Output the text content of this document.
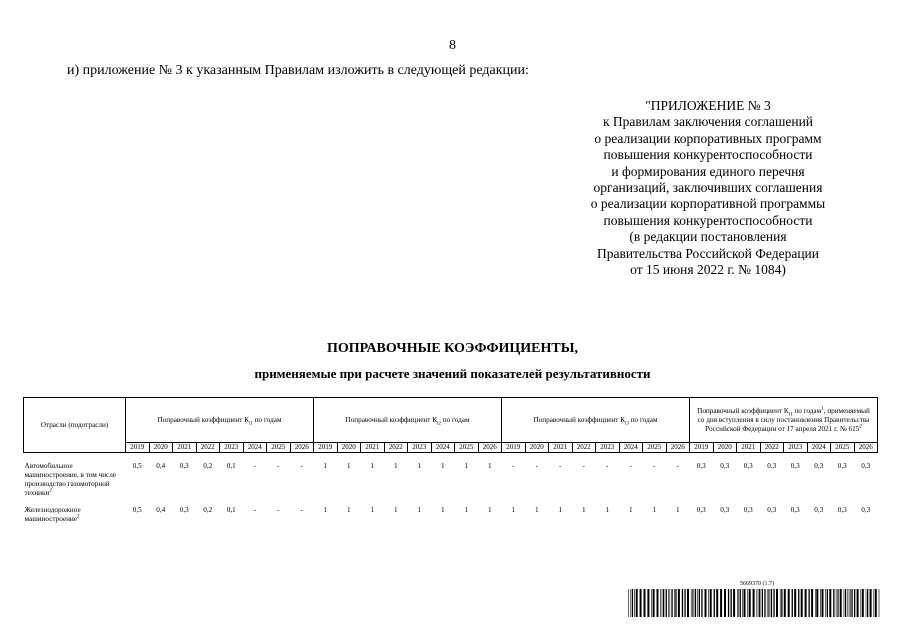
8
и) приложение № 3 к указанным Правилам изложить в следующей редакции:
"ПРИЛОЖЕНИЕ № 3
к Правилам заключения соглашений
о реализации корпоративных программ
повышения конкурентоспособности
и формирования единого перечня
организаций, заключивших соглашения
о реализации корпоративной программы
повышения конкурентоспособности
(в редакции постановления
Правительства Российской Федерации
от 15 июня 2022 г. № 1084)
ПОПРАВОЧНЫЕ КОЭФФИЦИЕНТЫ,
применяемые при расчете значений показателей результативности
Отрасли (подотрасли)	Поправочный коэффициент $К_{i1}$ по годам								Поправочный коэффициент $К_{i2}$ по годам								Поправочный коэффициент $К_{i3}$ по годам								Поправочный коэффициент $К_{i1}$ по годам$^1$, применяемый со дня вступления в силу постановления Правительства Российской Федерации от 17 апреля 2021 г. № $615^2$
	2019	2020	2021	2022	2023	2024	2025	2026	2019	2020	2021	2022	2023	2024	2025	2026	2019	2020	2021	2022	2023	2024	2025	2026	2019	2020	2021	2022	2023	2024	2025	2026
Автомобильное машиностроение, в том числе производство газомоторной техники$^2$	0,5	0,4	0,3	0,2	0,1	-	-	-	1	1	1	1	1	1	1	1	-	-	-	-	-	-	-	-	0,3	0,3	0,3	0,3	0,3	0,3	0,3	0,3
Железнодорожное машиностроение$^2$	0,5	0,4	0,3	0,2	0,1	-	-	-	1	1	1	1	1	1	1	1	1	1	1	1	1	1	1	1	0,3	0,3	0,3	0,3	0,3	0,3	0,3	0,3
5669370 (1.7)
